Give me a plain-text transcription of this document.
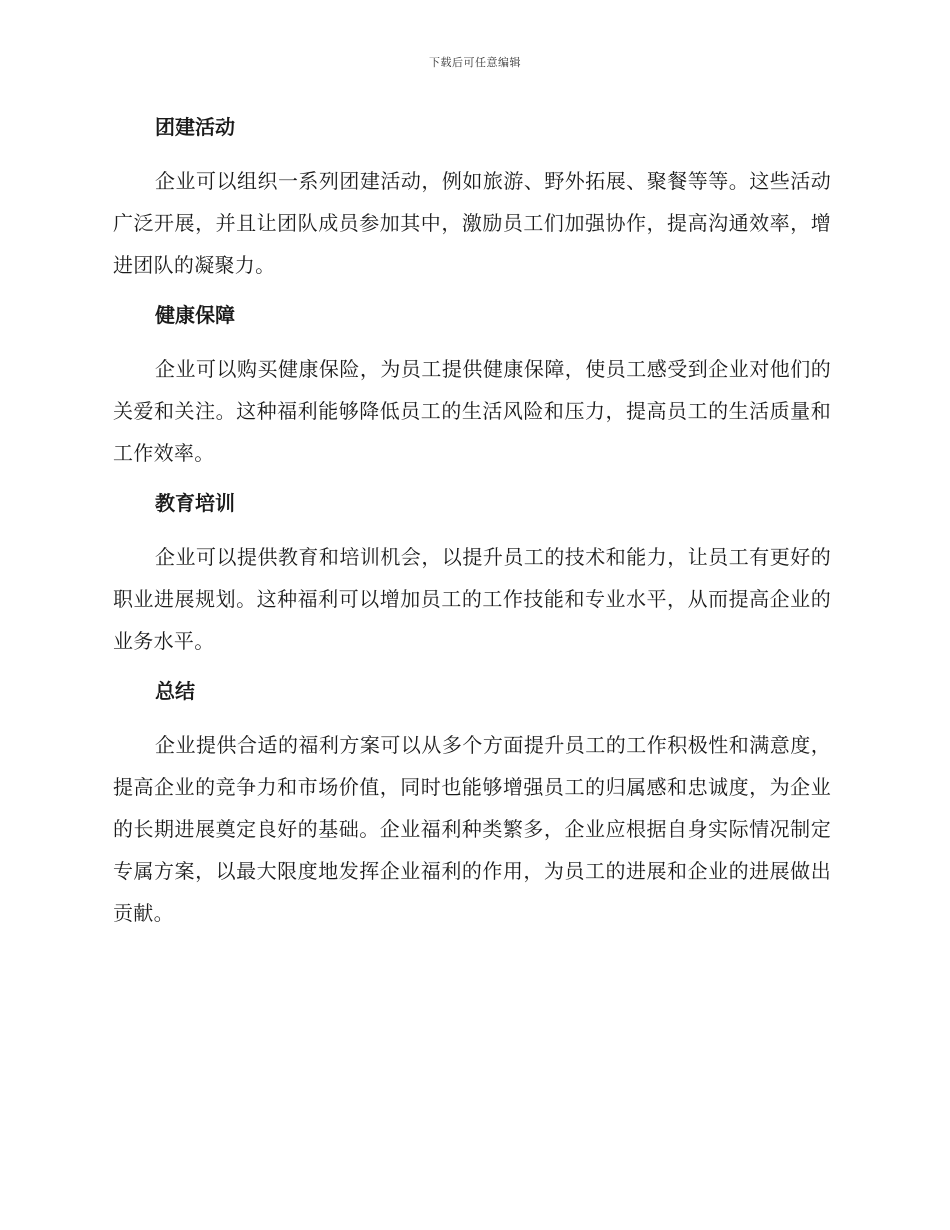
下载后可任意编辑
团建活动

企业可以组织一系列团建活动，例如旅游、野外拓展、聚餐等等。这些活动广泛开展，并且让团队成员参加其中，激励员工们加强协作，提高沟通效率，增进团队的凝聚力。

健康保障

企业可以购买健康保险，为员工提供健康保障，使员工感受到企业对他们的关爱和关注。这种福利能够降低员工的生活风险和压力，提高员工的生活质量和工作效率。

教育培训

企业可以提供教育和培训机会，以提升员工的技术和能力，让员工有更好的职业进展规划。这种福利可以增加员工的工作技能和专业水平，从而提高企业的业务水平。

总结

企业提供合适的福利方案可以从多个方面提升员工的工作积极性和满意度，提高企业的竞争力和市场价值，同时也能够增强员工的归属感和忠诚度，为企业的长期进展奠定良好的基础。企业福利种类繁多，企业应根据自身实际情况制定专属方案，以最大限度地发挥企业福利的作用，为员工的进展和企业的进展做出贡献。
